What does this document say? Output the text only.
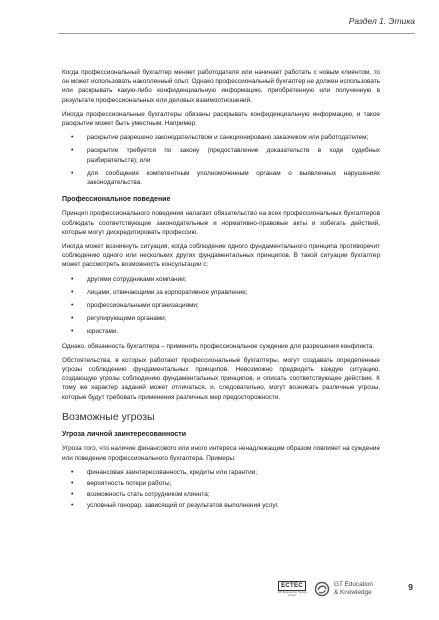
Раздел 1. Этика

Когда профессиональный бухгалтер меняет работодателя или начинает работать с новым клиентом, то он может использовать накопленный опыт. Однако профессиональный бухгалтер не должен использовать или раскрывать какую-либо конфиденциальную информацию, приобретенную или полученную в результате профессиональных или деловых взаимоотношений.

Иногда профессиональные бухгалтеры обязаны раскрывать конфиденциальную информацию, и такое раскрытие может быть уместным. Например:

• раскрытие разрешено законодательством и санкционировано заказчиком или работодателем;
• раскрытие требуется по закону (предоставление доказательств в ходе судебных разбирательств); или
• для сообщения компетентным уполномоченным органам о выявленных нарушениях законодательства.
Профессиональное поведение

Принцип профессионального поведения налагает обязательство на всех профессиональных бухгалтеров соблюдать соответствующие законодательные и нормативно-правовые акты и избегать действий, которые могут дискредитировать профессию.

Иногда может возникнуть ситуация, когда соблюдение одного фундаментального принципа противоречит соблюдению одного или нескольких других фундаментальных принципов. В такой ситуации бухгалтер может рассмотреть возможность консультации с:

• другими сотрудниками компании;
• лицами, отвечающими за корпоративное управление;
• профессиональными организациями;
• регулирующими органами;
• юристами.

Однако, обязанность бухгалтера – применять профессиональное суждение для разрешения конфликта.

Обстоятельства, в которых работают профессиональные бухгалтеры, могут создавать определенные угрозы соблюдению фундаментальных принципов. Невозможно предвидеть каждую ситуацию, создающую угрозы соблюдению фундаментальных принципов, и описать соответствующее действие. К тому же характер заданий может отличаться, и, следовательно, могут возникать различные угрозы, которые будут требовать применения различных мер предосторожности.

Возможные угрозы
Угроза личной заинтересованности

Угроза того, что наличие финансового или иного интереса ненадлежащим образом повлияет на суждение или поведение профессионального бухгалтера. Примеры:

• финансовая заинтересованность, кредиты или гарантии;
• вероятность потери работы;
• возможность стать сотрудником клиента;
• условный гонорар, зависящий от результатов выполнения услуг.
ECTEC
CPA Engineering Training Center
GT Education
& Knowledge
9
